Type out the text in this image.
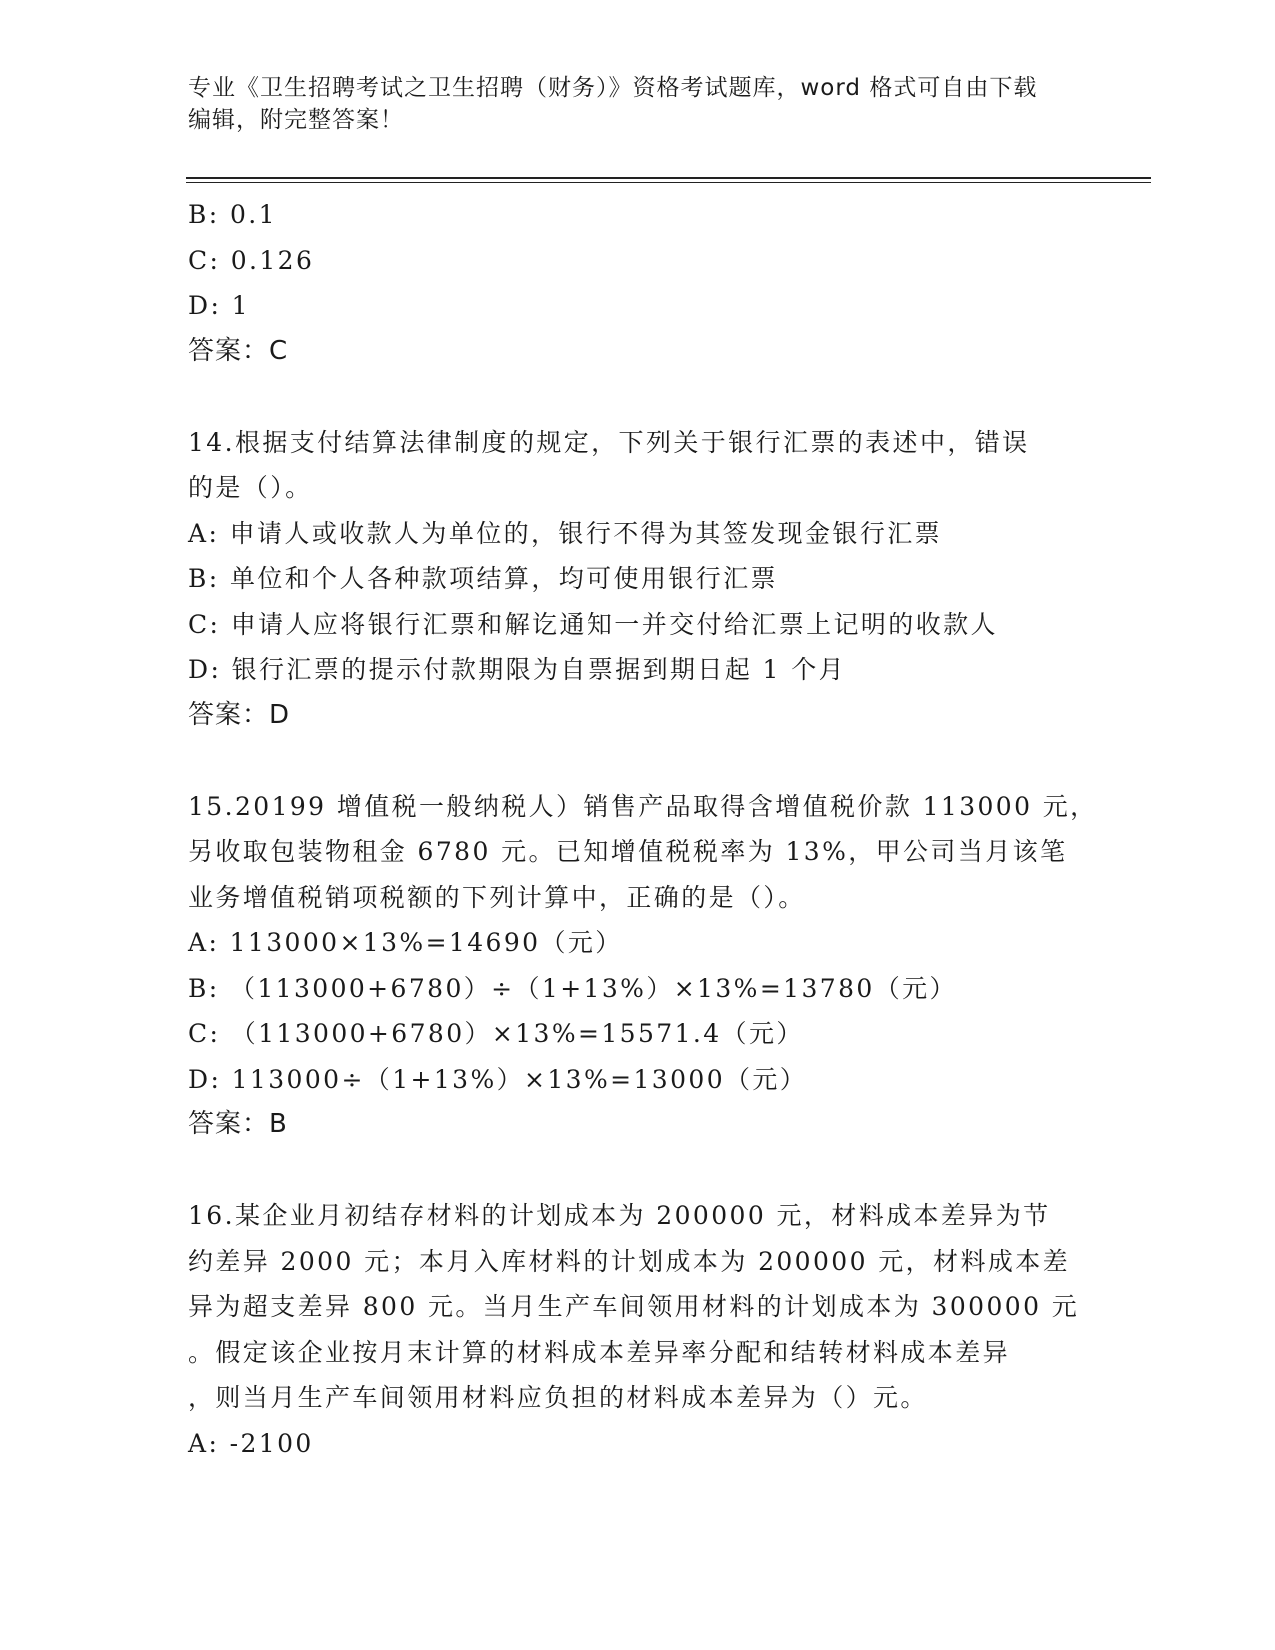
专业《卫生招聘考试之卫生招聘（财务）》资格考试题库，word 格式可自由下载

编辑，附完整答案！

B: 0.1
C: 0.126
D: 1
答案：C
14.根据支付结算法律制度的规定，下列关于银行汇票的表述中，错误
的是（）。
A: 申请人或收款人为单位的，银行不得为其签发现金银行汇票
B: 单位和个人各种款项结算，均可使用银行汇票
C: 申请人应将银行汇票和解讫通知一并交付给汇票上记明的收款人
D: 银行汇票的提示付款期限为自票据到期日起 1 个月
答案：D
15.20199 增值税一般纳税人）销售产品取得含增值税价款 113000 元，
另收取包装物租金 6780 元。已知增值税税率为 13%，甲公司当月该笔
业务增值税销项税额的下列计算中，正确的是（）。
A: 113000×13%=14690（元）
B: （113000+6780）÷（1+13%）×13%=13780（元）
C: （113000+6780）×13%=15571.4（元）
D: 113000÷（1+13%）×13%=13000（元）
答案：B
16.某企业月初结存材料的计划成本为 200000 元，材料成本差异为节
约差异 2000 元；本月入库材料的计划成本为 200000 元，材料成本差
异为超支差异 800 元。当月生产车间领用材料的计划成本为 300000 元
。假定该企业按月末计算的材料成本差异率分配和结转材料成本差异
，则当月生产车间领用材料应负担的材料成本差异为（）元。
A: -2100
